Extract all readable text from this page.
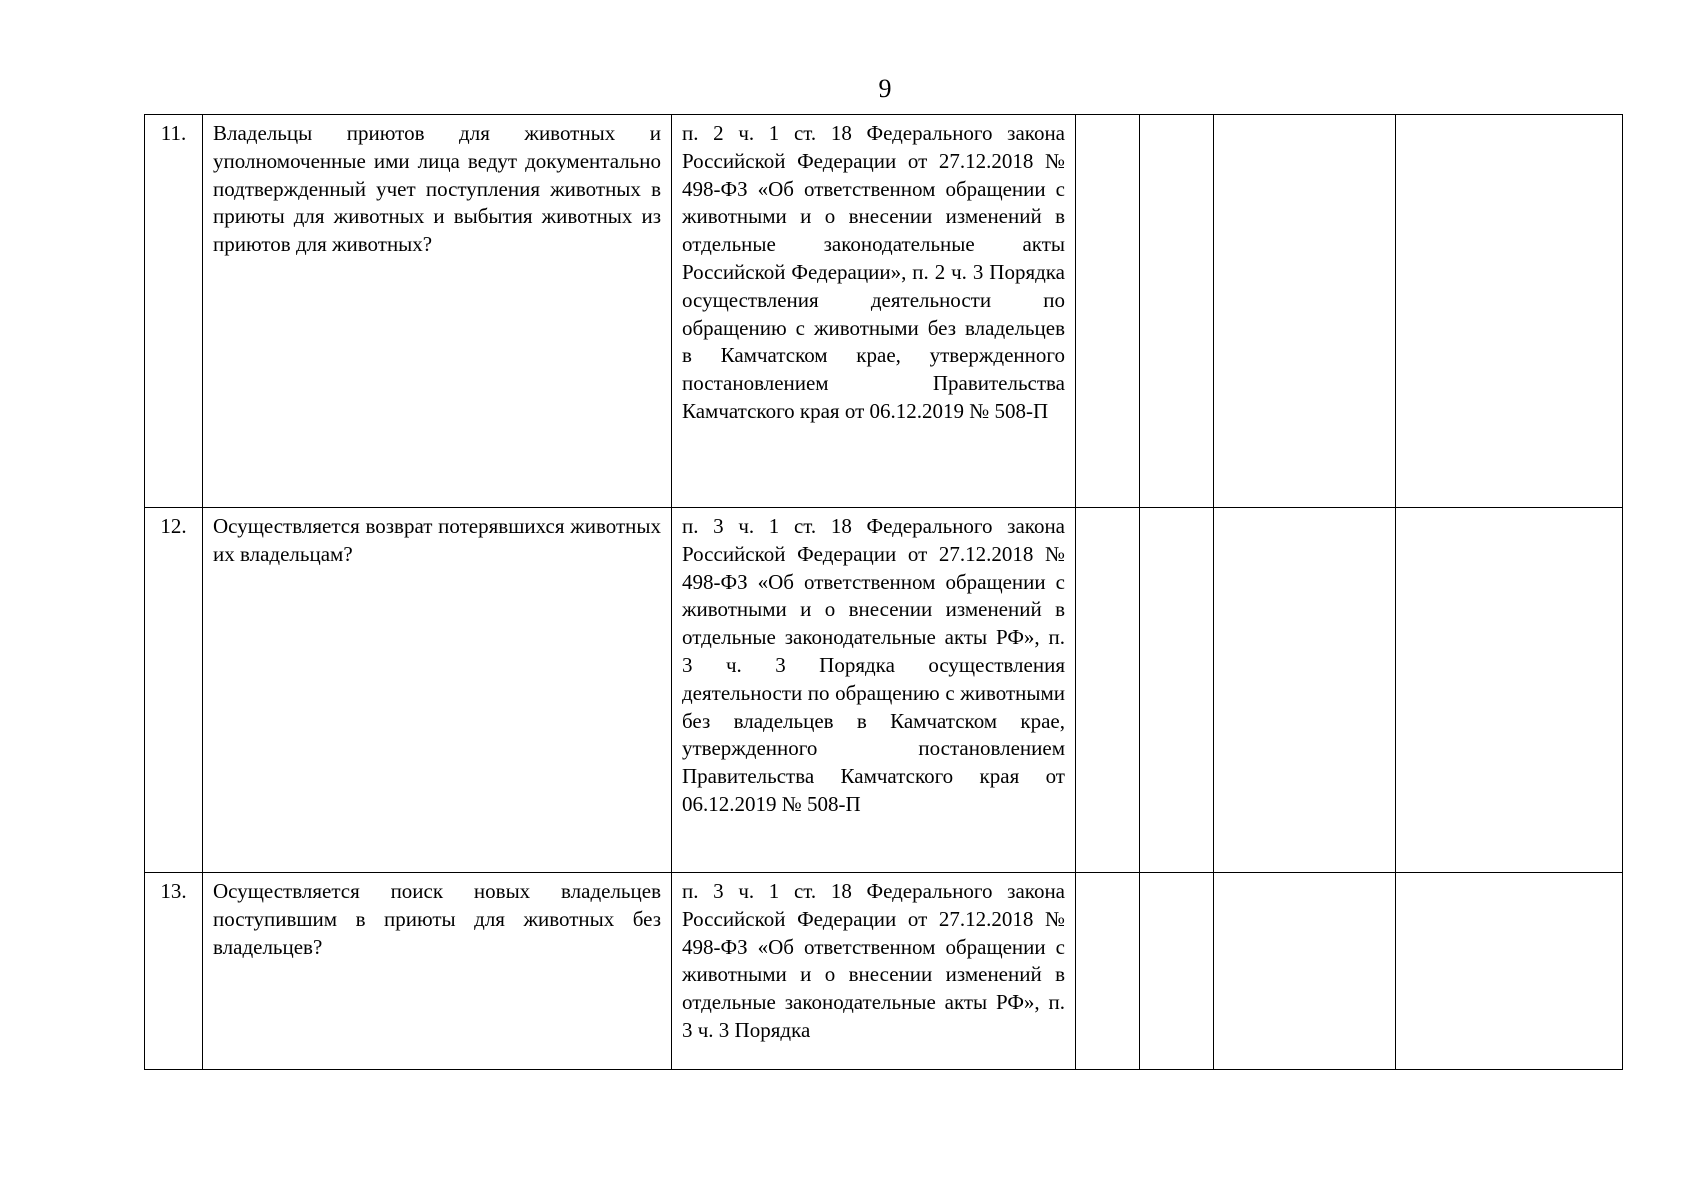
9
11.	Владельцы приютов для животных и уполномоченные ими лица ведут документально подтвержденный учет поступления животных в приюты для животных и выбытия животных из приютов для животных?	п. 2 ч. 1 ст. 18 Федерального закона Российской Федерации от 27.12.2018 № 498-ФЗ «Об ответственном обращении с животными и о внесении изменений в отдельные законодательные акты Российской Федерации», п. 2 ч. 3 Порядка осуществления деятельности по обращению с животными без владельцев в Камчатском крае, утвержденного постановлением Правительства Камчатского края от 06.12.2019 № 508-П				
12.	Осуществляется возврат потерявшихся животных их владельцам?	п. 3 ч. 1 ст. 18 Федерального закона Российской Федерации от 27.12.2018 № 498-ФЗ «Об ответственном обращении с животными и о внесении изменений в отдельные законодательные акты РФ», п. 3 ч. 3 Порядка осуществления деятельности по обращению с животными без владельцев в Камчатском крае, утвержденного постановлением Правительства Камчатского края от 06.12.2019 № 508-П				
13.	Осуществляется поиск новых владельцев поступившим в приюты для животных без владельцев?	п. 3 ч. 1 ст. 18 Федерального закона Российской Федерации от 27.12.2018 № 498-ФЗ «Об ответственном обращении с животными и о внесении изменений в отдельные законодательные акты РФ», п. 3 ч. 3 Порядка				
